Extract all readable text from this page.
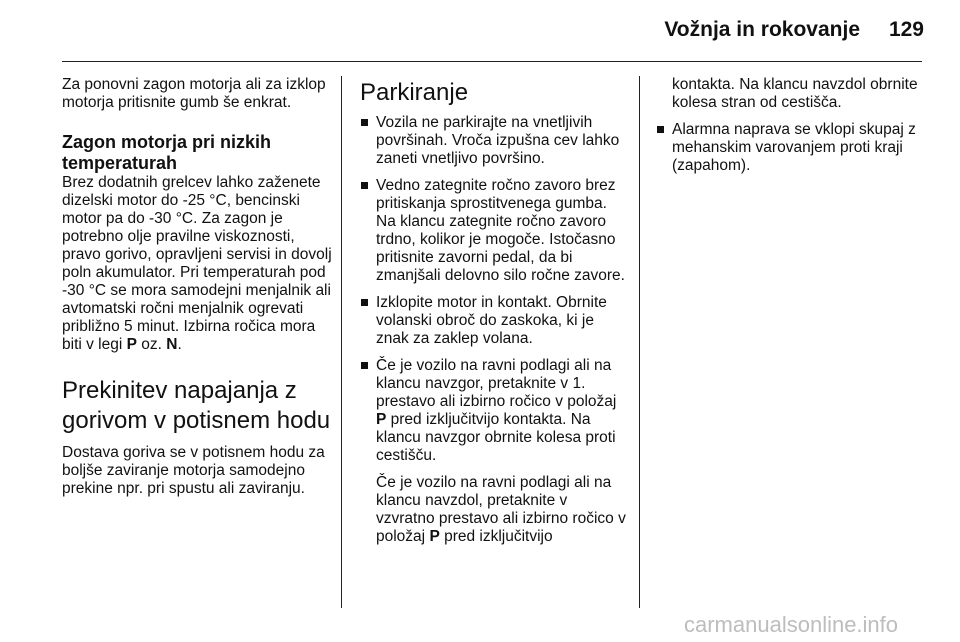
Vožnja in rokovanje	129

Za ponovni zagon motorja ali za izklop motorja pritisnite gumb še enkrat.

Zagon motorja pri nizkih temperaturah

Brez dodatnih grelcev lahko zaženete dizelski motor do -25 °C, bencinski motor pa do -30 °C. Za zagon je potrebno olje pravilne viskoznosti, pravo gorivo, opravljeni servisi in dovolj poln akumulator. Pri temperaturah pod -30 °C se mora samodejni menjalnik ali avtomatski ročni menjalnik ogrevati približno 5 minut. Izbirna ročica mora biti v legi P oz. N.

Prekinitev napajanja z gorivom v potisnem hodu

Dostava goriva se v potisnem hodu za boljše zaviranje motorja samodejno prekine npr. pri spustu ali zaviranju.

Parkiranje
Vozila ne parkirajte na vnetljivih površinah. Vroča izpušna cev lahko zaneti vnetljivo površino.
Vedno zategnite ročno zavoro brez pritiskanja sprostitvenega gumba. Na klancu zategnite ročno zavoro trdno, kolikor je mogoče. Istočasno pritisnite zavorni pedal, da bi zmanjšali delovno silo ročne zavore.
Izklopite motor in kontakt. Obrnite volanski obroč do zaskoka, ki je znak za zaklep volana.
Če je vozilo na ravni podlagi ali na klancu navzgor, pretaknite v 1. prestavo ali izbirno ročico v položaj P pred izključitvijo kontakta. Na klancu navzgor obrnite kolesa proti cestišču.
Če je vozilo na ravni podlagi ali na klancu navzdol, pretaknite v vzvratno prestavo ali izbirno ročico v položaj P pred izključitvijo

kontakta. Na klancu navzdol obrnite kolesa stran od cestišča.

Alarmna naprava se vklopi skupaj z mehanskim varovanjem proti kraji (zapahom).
carmanualsonline.info
